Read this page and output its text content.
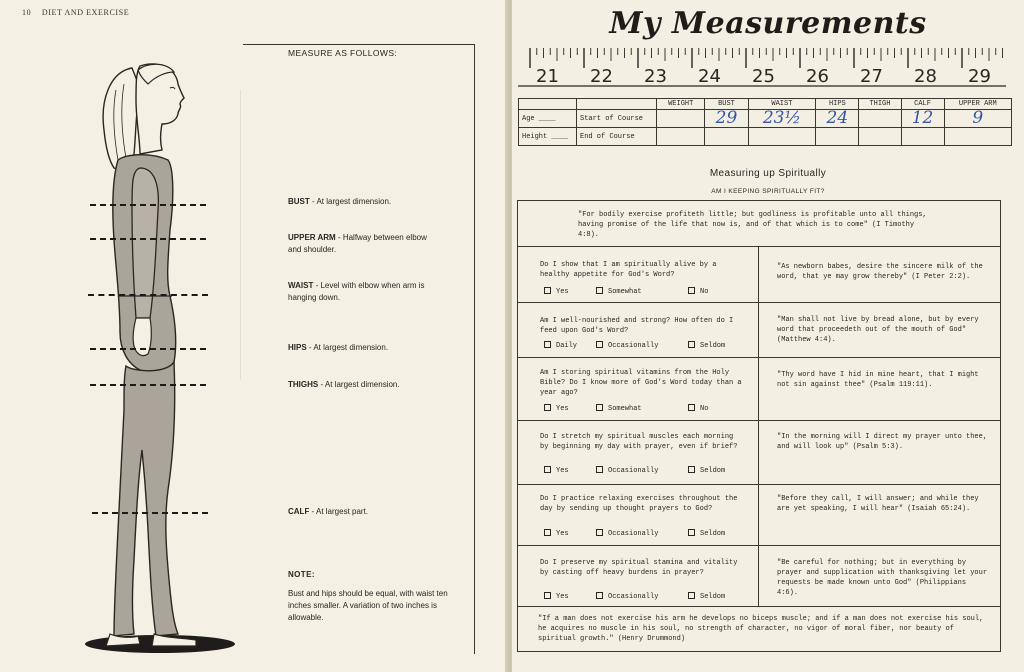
10 DIET AND EXERCISE
MEASURE AS FOLLOWS:
BUST - At largest dimension.
UPPER ARM - Halfway between elbow and shoulder.
WAIST - Level with elbow when arm is hanging down.
HIPS - At largest dimension.
THIGHS - At largest dimension.
CALF - At largest part.
NOTE:
Bust and hips should be equal, with waist ten inches smaller. A variation of two inches is allowable.
My Measurements
21 22 23 24 25 26 27 28 29
		WEIGHT	BUST	WAIST	HIPS	THIGH	CALF	UPPER ARM
Age ____	Start of Course		29	23½	24		12	9
Height ____	End of Course							
Measuring up Spiritually
AM I KEEPING SPIRITUALLY FIT?
"For bodily exercise profiteth little; but godliness is profitable unto all things, having promise of the life that now is, and of that which is to come" (I Timothy 4:8).
Do I show that I am spiritually alive by a healthy appetite for God's Word?
Yes	Somewhat	No
"As newborn babes, desire the sincere milk of the word, that ye may grow thereby" (I Peter 2:2).
Am I well-nourished and strong? How often do I feed upon God's Word?
Daily	Occasionally	Seldom
"Man shall not live by bread alone, but by every word that proceedeth out of the mouth of God" (Matthew 4:4).
Am I storing spiritual vitamins from the Holy Bible? Do I know more of God's Word today than a year ago?
Yes	Somewhat	No
"Thy word have I hid in mine heart, that I might not sin against thee" (Psalm 119:11).
Do I stretch my spiritual muscles each morning by beginning my day with prayer, even if brief?
Yes	Occasionally	Seldom
"In the morning will I direct my prayer unto thee, and will look up" (Psalm 5:3).
Do I practice relaxing exercises throughout the day by sending up thought prayers to God?
Yes	Occasionally	Seldom
"Before they call, I will answer; and while they are yet speaking, I will hear" (Isaiah 65:24).
Do I preserve my spiritual stamina and vitality by casting off heavy burdens in prayer?
Yes	Occasionally	Seldom
"Be careful for nothing; but in everything by prayer and supplication with thanksgiving let your requests be made known unto God" (Philippians 4:6).
"If a man does not exercise his arm he develops no biceps muscle; and if a man does not exercise his soul, he acquires no muscle in his soul, no strength of character, no vigor of moral fiber, nor beauty of spiritual growth." (Henry Drummond)
